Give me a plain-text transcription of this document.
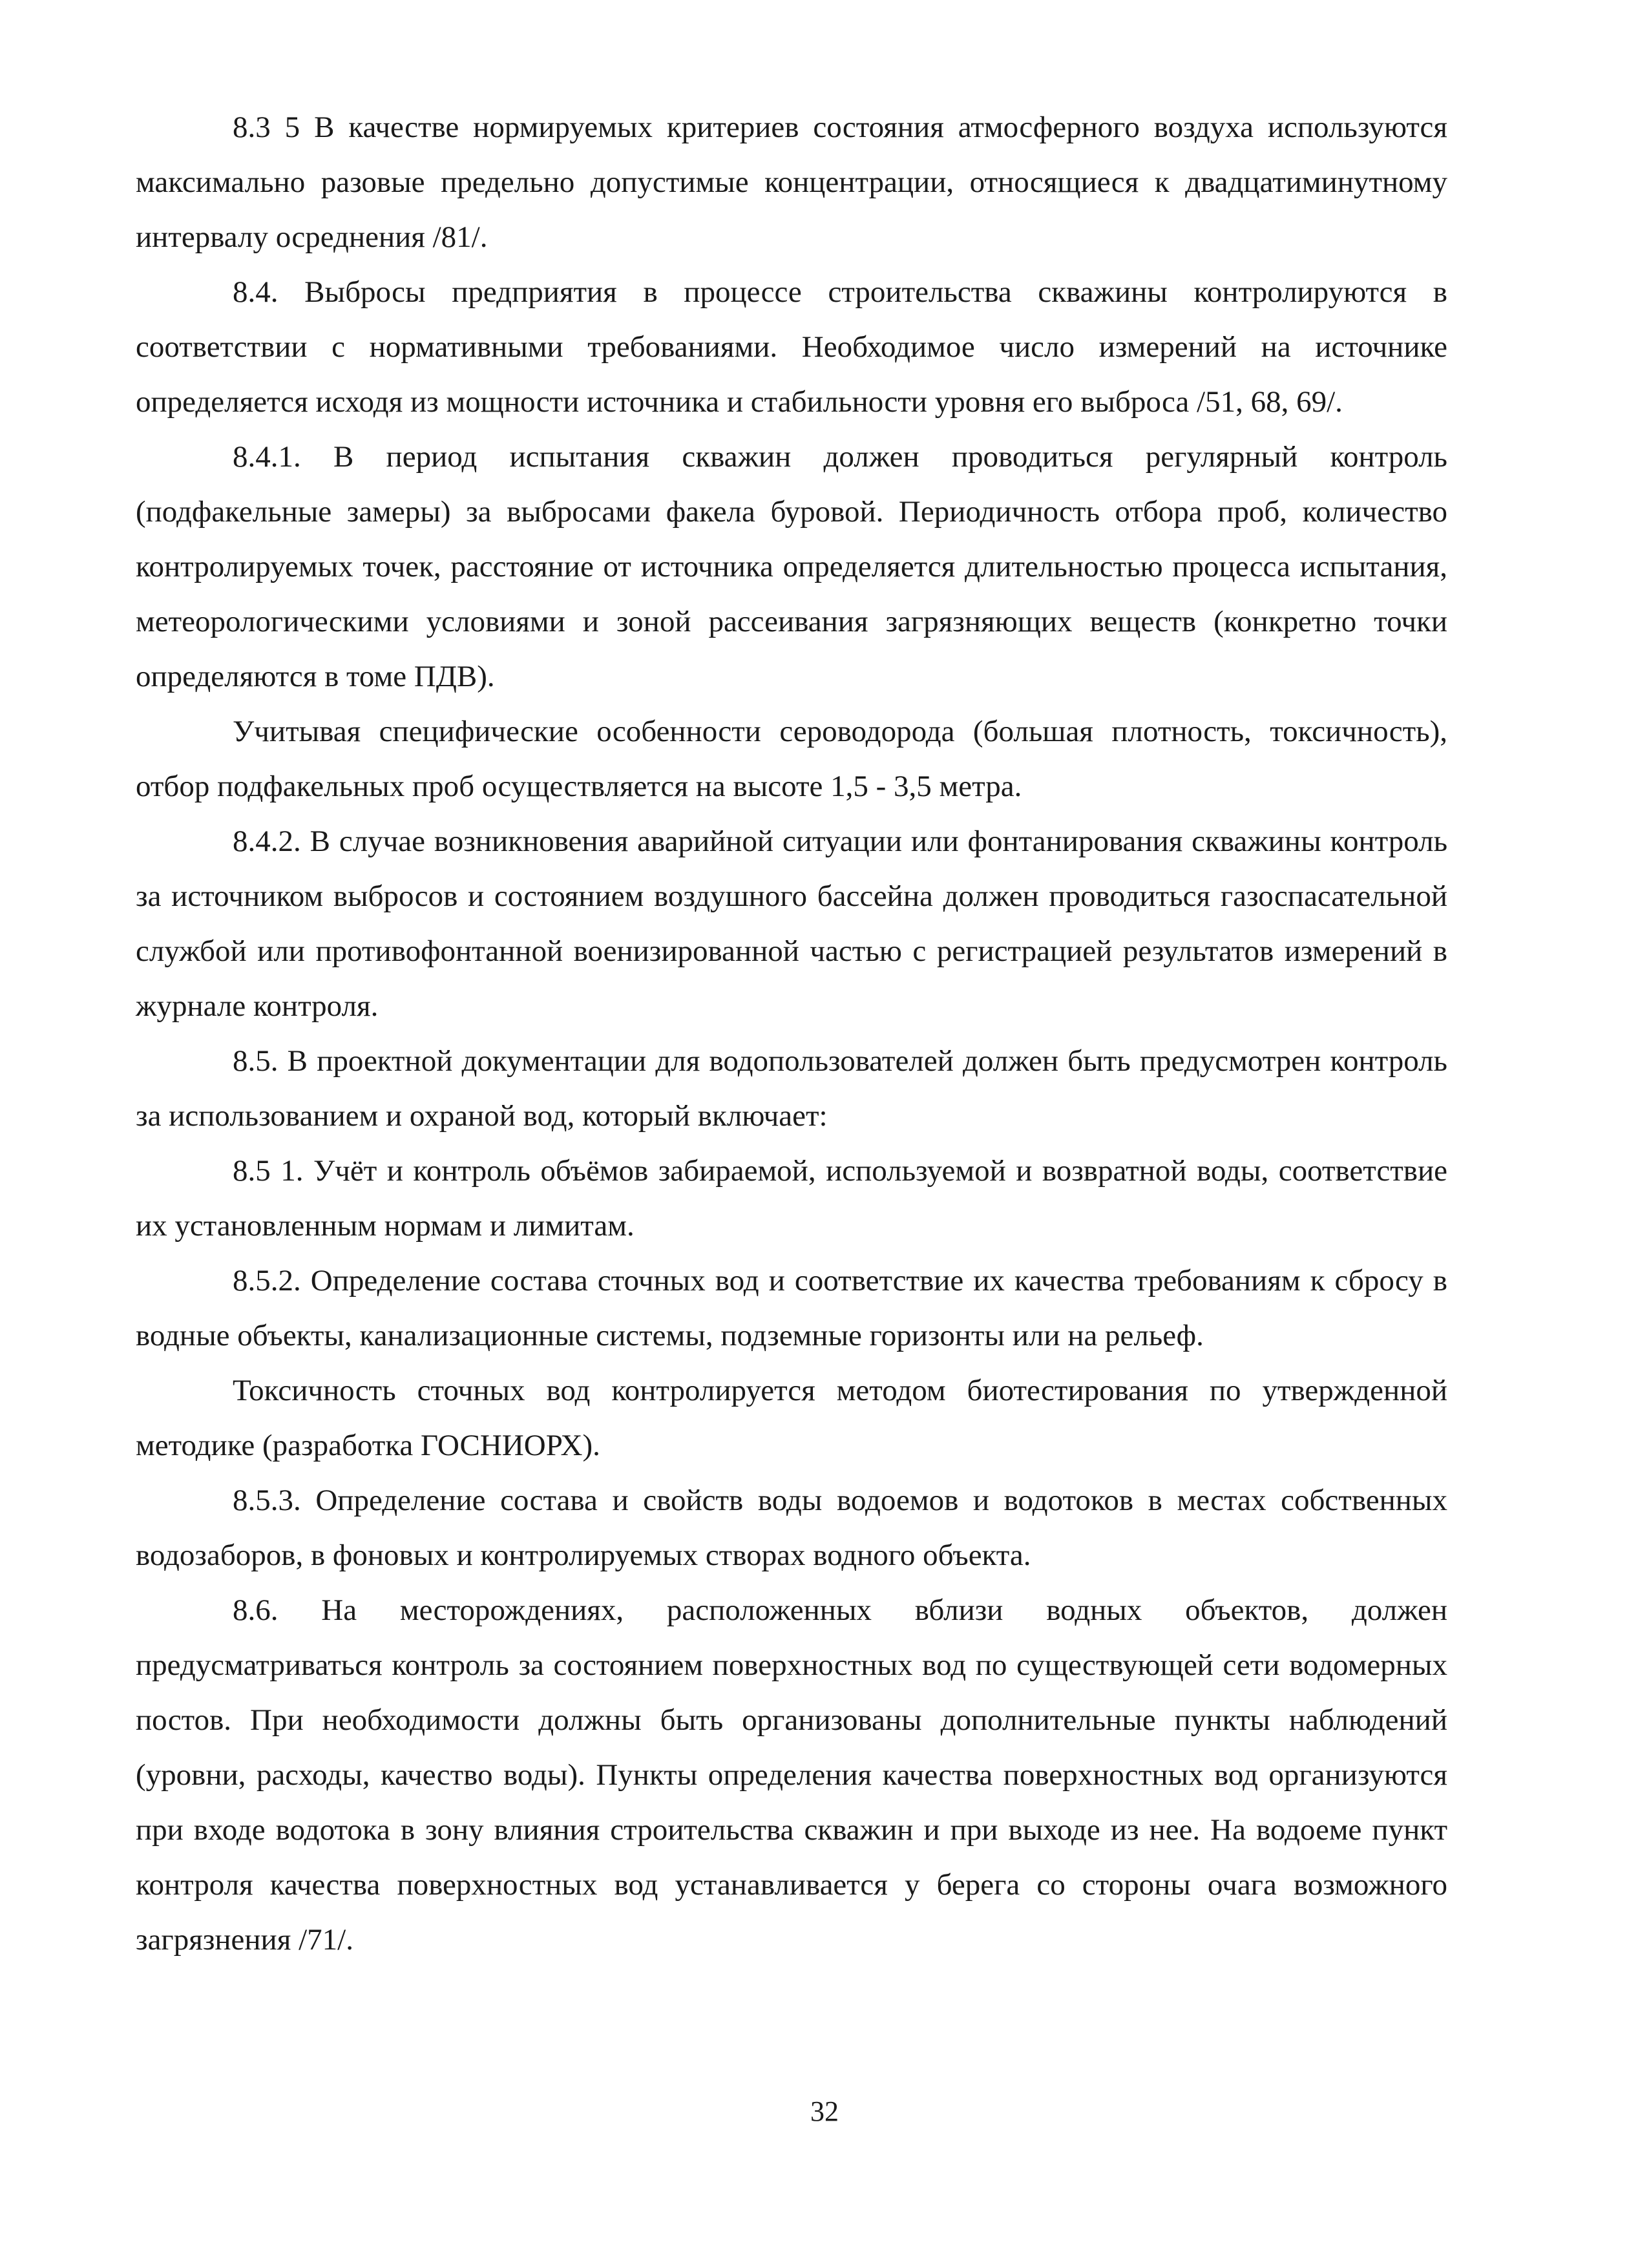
8.3 5 В качестве нормируемых критериев состояния атмосферного воздуха используются максимально разовые предельно допустимые концентрации, относящиеся к двадцатиминутному интервалу осреднения /81/.

8.4. Выбросы предприятия в процессе строительства скважины контролируются в соответствии с нормативными требованиями. Необходимое число измерений на источнике определяется исходя из мощности источника и стабильности уровня его выброса /51, 68, 69/.

8.4.1. В период испытания скважин должен проводиться регулярный контроль (подфакельные замеры) за выбросами факела буровой. Периодичность отбора проб, количество контролируемых точек, расстояние от источника определяется длительностью процесса испытания, метеорологическими условиями и зоной рассеивания загрязняющих веществ (конкретно точки определяются в томе ПДВ).

Учитывая специфические особенности сероводорода (большая плотность, токсичность), отбор подфакельных проб осуществляется на высоте 1,5 - 3,5 метра.

8.4.2. В случае возникновения аварийной ситуации или фонтанирования скважины контроль за источником выбросов и состоянием воздушного бассейна должен проводиться газоспасательной службой или противофонтанной военизированной частью с регистрацией результатов измерений в журнале контроля.

8.5. В проектной документации для водопользователей должен быть предусмотрен контроль за использованием и охраной вод, который включает:

8.5 1. Учёт и контроль объёмов забираемой, используемой и возвратной воды, соответствие их установленным нормам и лимитам.

8.5.2. Определение состава сточных вод и соответствие их качества требованиям к сбросу в водные объекты, канализационные системы, подземные горизонты или на рельеф.

Токсичность сточных вод контролируется методом биотестирования по утвержденной методике (разработка ГОСНИОРХ).

8.5.3. Определение состава и свойств воды водоемов и водотоков в местах собственных водозаборов, в фоновых и контролируемых створах водного объекта.

8.6. На месторождениях, расположенных вблизи водных объектов, должен предусматриваться контроль за состоянием поверхностных вод по существующей сети водомерных постов. При необходимости должны быть организованы дополнительные пункты наблюдений (уровни, расходы, качество воды). Пункты определения качества поверхностных вод организуются при входе водотока в зону влияния строительства скважин и при выходе из нее. На водоеме пункт контроля качества поверхностных вод устанавливается у берега со стороны очага возможного загрязнения /71/.

32
